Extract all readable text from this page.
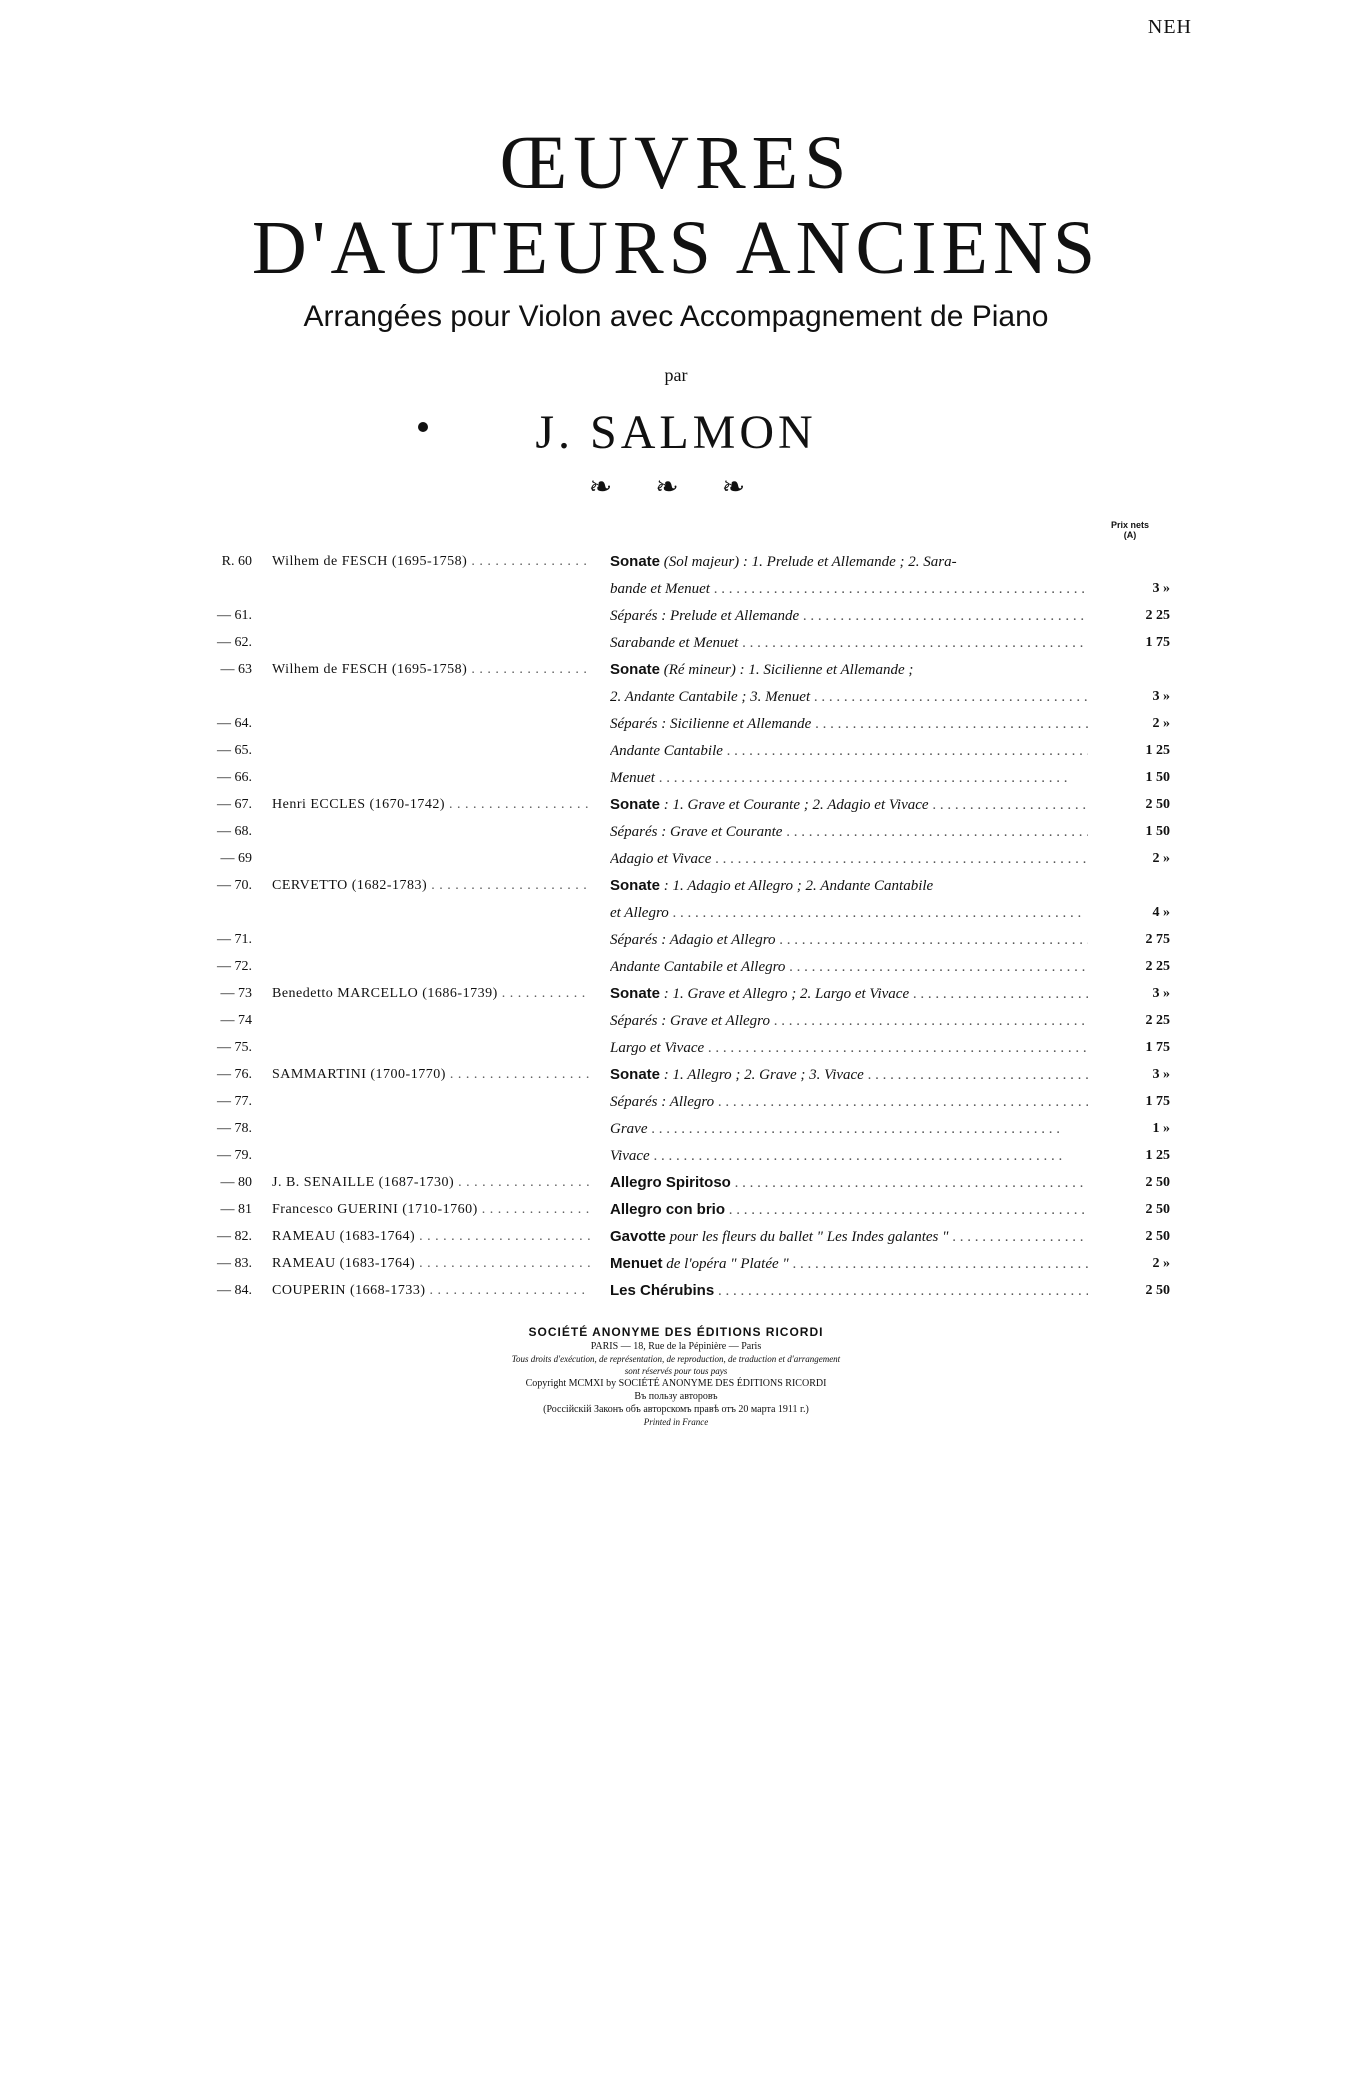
NEH
ŒUVRES
D'AUTEURS ANCIENS
Arrangées pour Violon avec Accompagnement de Piano
par
J. SALMON
❧ ❧ ❧
Prix nets
(A)
R. 60 Wilhem de FESCH (1695-1758) . . .	Sonate (Sol majeur) : 1. Prelude et Allemande ; 2. Sara-
bande et Menuet . . .	3 »
— 61.	Séparés : Prelude et Allemande . . .	2 25
— 62.	Sarabande et Menuet . . .	1 75
— 63 Wilhem de FESCH (1695-1758) . . .	Sonate (Ré mineur) : 1. Sicilienne et Allemande ;
2. Andante Cantabile ; 3. Menuet . . .	3 »
— 64.	Séparés : Sicilienne et Allemande . . .	2 »
— 65.	Andante Cantabile . . .	1 25
— 66.	Menuet . . .	1 50
— 67. Henri ECCLES (1670-1742) . . .	Sonate : 1. Grave et Courante ; 2. Adagio et Vivace . . .	2 50
— 68.	Séparés : Grave et Courante . . .	1 50
— 69	Adagio et Vivace . . .	2 »
— 70. CERVETTO (1682-1783) . . .	Sonate : 1. Adagio et Allegro ; 2. Andante Cantabile
et Allegro . . .	4 »
— 71.	Séparés : Adagio et Allegro . . .	2 75
— 72.	Andante Cantabile et Allegro . . .	2 25
— 73 Benedetto MARCELLO (1686-1739) . . .	Sonate : 1. Grave et Allegro ; 2. Largo et Vivace . . .	3 »
— 74	Séparés : Grave et Allegro . . .	2 25
— 75.	Largo et Vivace . . .	1 75
— 76. SAMMARTINI (1700-1770) . . .	Sonate : 1. Allegro ; 2. Grave ; 3. Vivace . . .	3 »
— 77.	Séparés : Allegro . . .	1 75
— 78.	Grave . . .	1 »
— 79.	Vivace . . .	1 25
— 80 J. B. SENAILLE (1687-1730) . . .	Allegro Spiritoso . . .	2 50
— 81 Francesco GUERINI (1710-1760) . . .	Allegro con brio . . .	2 50
— 82. RAMEAU (1683-1764) . . .	Gavotte pour les fleurs du ballet " Les Indes galantes " . . .	2 50
— 83. RAMEAU (1683-1764) . . .	Menuet de l'opéra " Platée " . . .	2 »
— 84. COUPERIN (1668-1733) . . .	Les Chérubins . . .	2 50
SOCIÉTÉ ANONYME DES ÉDITIONS RICORDI
PARIS — 18, Rue de la Pépinière — Paris
Tous droits d'exécution, de représentation, de reproduction, de traduction et d'arrangement
sont réservés pour tous pays
Copyright MCMXI by SOCIÉTÉ ANONYME DES ÉDITIONS RICORDI
Въ пользу авторовъ
(Россійскій Законъ объ авторскомъ правѣ отъ 20 марта 1911 г.)
Printed in France
